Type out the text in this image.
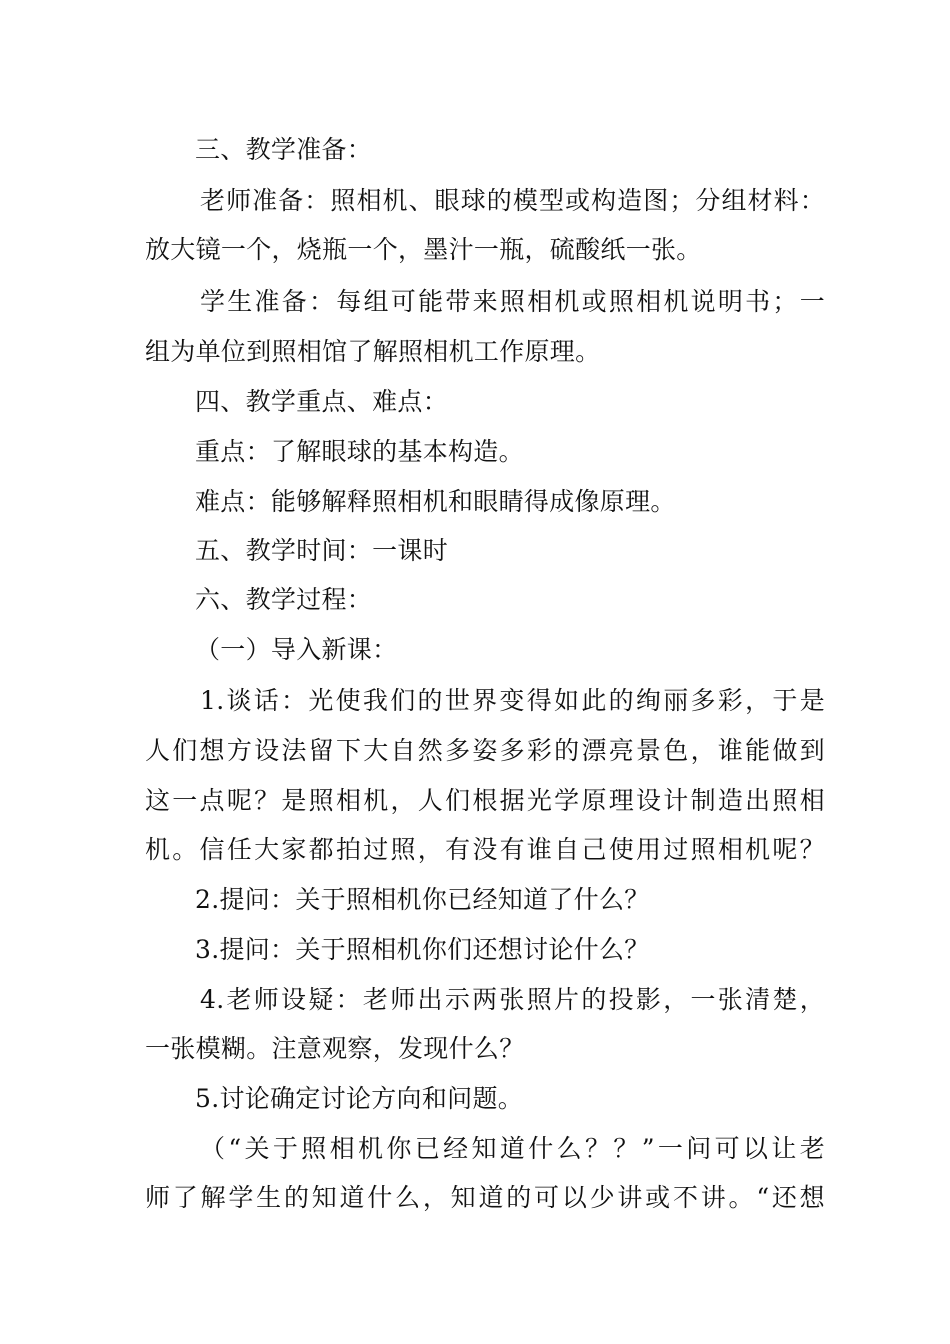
三、教学准备：
老师准备：照相机、眼球的模型或构造图；分组材料：
放大镜一个，烧瓶一个，墨汁一瓶，硫酸纸一张。
学生准备：每组可能带来照相机或照相机说明书；一
组为单位到照相馆了解照相机工作原理。
四、教学重点、难点：
重点：了解眼球的基本构造。
难点：能够解释照相机和眼睛得成像原理。
五、教学时间：一课时
六、教学过程：
（一）导入新课：
1.谈话：光使我们的世界变得如此的绚丽多彩，于是
人们想方设法留下大自然多姿多彩的漂亮景色，谁能做到
这一点呢？是照相机，人们根据光学原理设计制造出照相
机。信任大家都拍过照，有没有谁自己使用过照相机呢？
2.提问：关于照相机你已经知道了什么？
3.提问：关于照相机你们还想讨论什么？
4.老师设疑：老师出示两张照片的投影，一张清楚，
一张模糊。注意观察，发现什么？
5.讨论确定讨论方向和问题。
（“关于照相机你已经知道什么？？”一问可以让老
师了解学生的知道什么，知道的可以少讲或不讲。“还想
